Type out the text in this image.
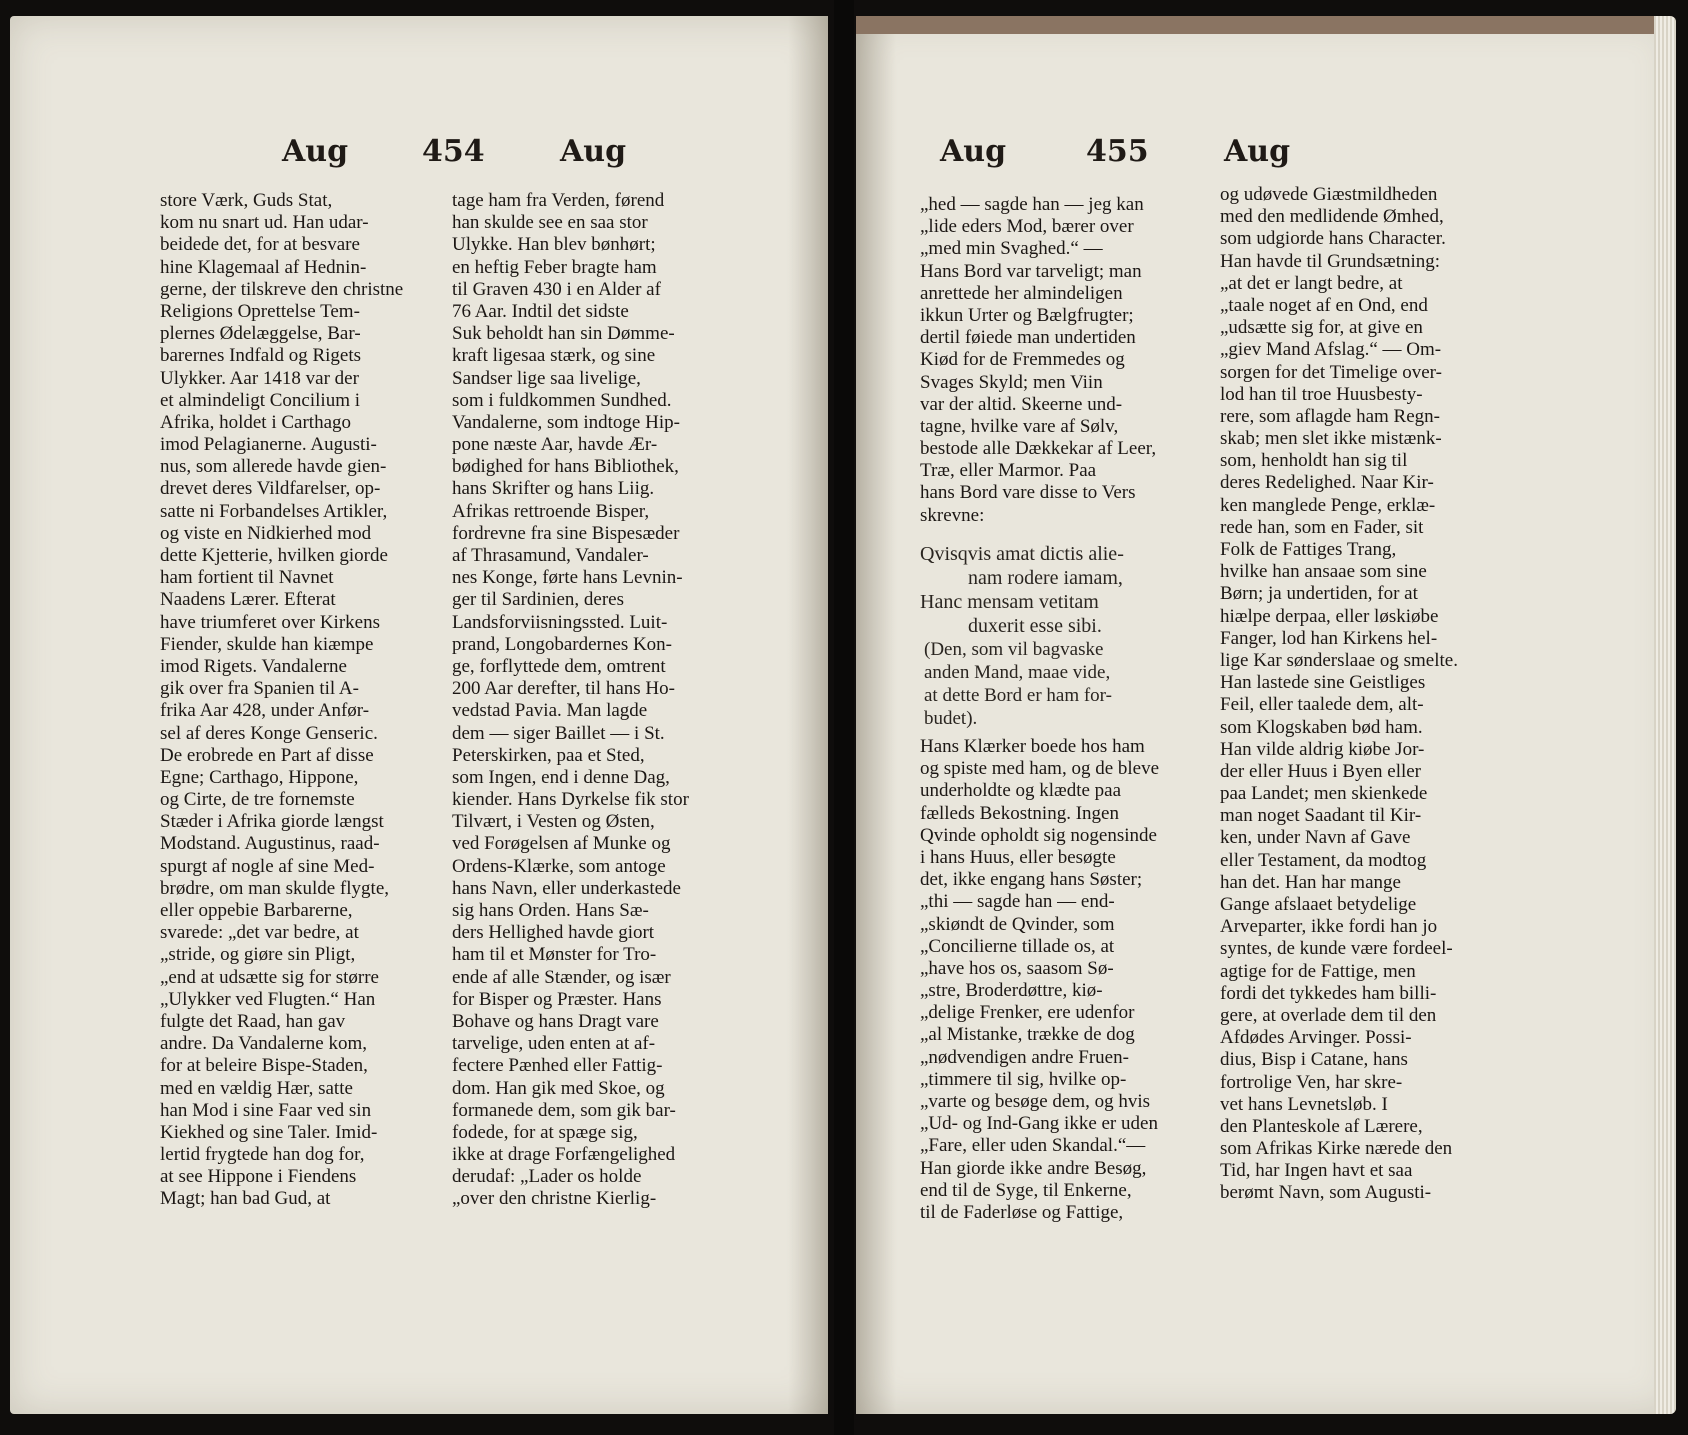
Aug 454	Aug
store Værk, Guds Stat,
kom nu snart ud. Han udar-
beidede det, for at besvare
hine Klagemaal af Hednin-
gerne, der tilskreve den christne
Religions Oprettelse Tem-
plernes Ødelæggelse, Bar-
barernes Indfald og Rigets
Ulykker. Aar 1418 var der
et almindeligt Concilium i
Afrika, holdet i Carthago
imod Pelagianerne. Augusti-
nus, som allerede havde gien-
drevet deres Vildfarelser, op-
satte ni Forbandelses Artikler,
og viste en Nidkierhed mod
dette Kjetterie, hvilken giorde
ham fortient til Navnet
Naadens Lærer. Efterat
have triumferet over Kirkens
Fiender, skulde han kiæmpe
imod Rigets. Vandalerne
gik over fra Spanien til A-
frika Aar 428, under Anfør-
sel af deres Konge Genseric.
De erobrede en Part af disse
Egne; Carthago, Hippone,
og Cirte, de tre fornemste
Stæder i Afrika giorde længst
Modstand. Augustinus, raad-
spurgt af nogle af sine Med-
brødre, om man skulde flygte,
eller oppebie Barbarerne,
svarede: „det var bedre, at
„stride, og giøre sin Pligt,
„end at udsætte sig for større
„Ulykker ved Flugten.“ Han
fulgte det Raad, han gav
andre. Da Vandalerne kom,
for at beleire Bispe-Staden,
med en vældig Hær, satte
han Mod i sine Faar ved sin
Kiekhed og sine Taler. Imid-
lertid frygtede han dog for,
at see Hippone i Fiendens
Magt; han bad Gud, at
tage ham fra Verden, førend
han skulde see en saa stor
Ulykke. Han blev bønhørt;
en heftig Feber bragte ham
til Graven 430 i en Alder af
76 Aar. Indtil det sidste
Suk beholdt han sin Dømme-
kraft ligesaa stærk, og sine
Sandser lige saa livelige,
som i fuldkommen Sundhed.
Vandalerne, som indtoge Hip-
pone næste Aar, havde Ær-
bødighed for hans Bibliothek,
hans Skrifter og hans Liig.
Afrikas rettroende Bisper,
fordrevne fra sine Bispesæder
af Thrasamund, Vandaler-
nes Konge, førte hans Levnin-
ger til Sardinien, deres
Landsforviisningssted. Luit-
prand, Longobardernes Kon-
ge, forflyttede dem, omtrent
200 Aar derefter, til hans Ho-
vedstad Pavia. Man lagde
dem — siger Baillet — i St.
Peterskirken, paa et Sted,
som Ingen, end i denne Dag,
kiender. Hans Dyrkelse fik stor
Tilvært, i Vesten og Østen,
ved Forøgelsen af Munke og
Ordens-Klærke, som antoge
hans Navn, eller underkastede
sig hans Orden. Hans Sæ-
ders Hellighed havde giort
ham til et Mønster for Tro-
ende af alle Stænder, og især
for Bisper og Præster. Hans
Bohave og hans Dragt vare
tarvelige, uden enten at af-
fectere Pænhed eller Fattig-
dom. Han gik med Skoe, og
formanede dem, som gik bar-
fodede, for at spæge sig,
ikke at drage Forfængelighed
derudaf: „Lader os holde
„over den christne Kierlig-
Aug	455	Aug
„hed — sagde han — jeg kan
„lide eders Mod, bærer over
„med min Svaghed.“ —
Hans Bord var tarveligt; man
anrettede her almindeligen
ikkun Urter og Bælgfrugter;
dertil føiede man undertiden
Kiød for de Fremmedes og
Svages Skyld; men Viin
var der altid. Skeerne und-
tagne, hvilke vare af Sølv,
bestode alle Dækkekar af Leer,
Træ, eller Marmor. Paa
hans Bord vare disse to Vers
skrevne:
Qvisqvis amat dictis alie-
nam rodere iamam,
Hanc mensam vetitam
duxerit esse sibi.
(Den, som vil bagvaske
anden Mand, maae vide,
at dette Bord er ham for-
budet).
Hans Klærker boede hos ham
og spiste med ham, og de bleve
underholdte og klædte paa
fælleds Bekostning. Ingen
Qvinde opholdt sig nogensinde
i hans Huus, eller besøgte
det, ikke engang hans Søster;
„thi — sagde han — end-
„skiøndt de Qvinder, som
„Concilierne tillade os, at
„have hos os, saasom Sø-
„stre, Broderdøttre, kiø-
„delige Frenker, ere udenfor
„al Mistanke, trække de dog
„nødvendigen andre Fruen-
„timmere til sig, hvilke op-
„varte og besøge dem, og hvis
„Ud- og Ind-Gang ikke er uden
„Fare, eller uden Skandal.“—
Han giorde ikke andre Besøg,
end til de Syge, til Enkerne,
til de Faderløse og Fattige,
og udøvede Giæstmildheden
med den medlidende Ømhed,
som udgiorde hans Character.
Han havde til Grundsætning:
„at det er langt bedre, at
„taale noget af en Ond, end
„udsætte sig for, at give en
„giev Mand Afslag.“ — Om-
sorgen for det Timelige over-
lod han til troe Huusbesty-
rere, som aflagde ham Regn-
skab; men slet ikke mistænk-
som, henholdt han sig til
deres Redelighed. Naar Kir-
ken manglede Penge, erklæ-
rede han, som en Fader, sit
Folk de Fattiges Trang,
hvilke han ansaae som sine
Børn; ja undertiden, for at
hiælpe derpaa, eller løskiøbe
Fanger, lod han Kirkens hel-
lige Kar sønderslaae og smelte.
Han lastede sine Geistliges
Feil, eller taalede dem, alt-
som Klogskaben bød ham.
Han vilde aldrig kiøbe Jor-
der eller Huus i Byen eller
paa Landet; men skienkede
man noget Saadant til Kir-
ken, under Navn af Gave
eller Testament, da modtog
han det. Han har mange
Gange afslaaet betydelige
Arveparter, ikke fordi han jo
syntes, de kunde være fordeel-
agtige for de Fattige, men
fordi det tykkedes ham billi-
gere, at overlade dem til den
Afdødes Arvinger. Possi-
dius, Bisp i Catane, hans
fortrolige Ven, har skre-
vet hans Levnetsløb. I
den Planteskole af Lærere,
som Afrikas Kirke nærede den
Tid, har Ingen havt et saa
berømt Navn, som Augusti-
